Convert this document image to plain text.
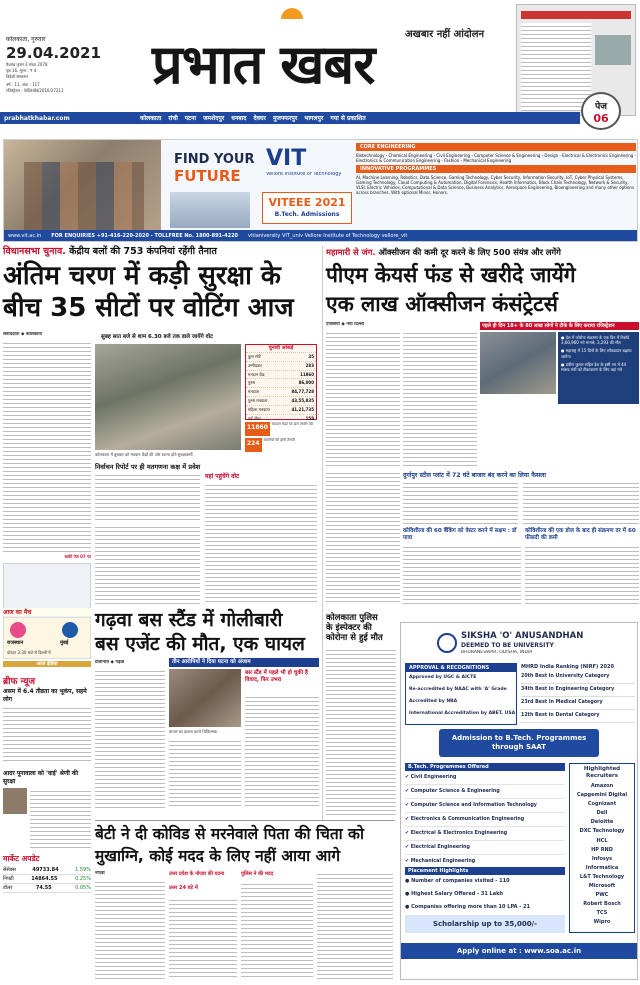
कोलकाता, गुरुवार
29.04.2021
वैशाख कृष्ण 3 संवत 2078
पृष्ठ 16, मूल्य : ₹ 4
विदेशी संस्करण
वर्ष : 11, अंक : 117
रजिस्ट्रेशन : WBHIN/2010/37211
अखबार नहीं आंदोलन
प्रभात खबर
पेज
06
prabhatkhabar.com	कोलकाता रांची पटना जमशेदपुर धनबाद देवघर मुजफ्फरपुर भागलपुर गया से प्रकाशित
FIND YOUR
FUTURE
VIT
Vellore Institute of Technology
VITEEE 2021
B.Tech. Admissions
CORE ENGINEERING
Biotechnology - Chemical Engineering - Civil Engineering - Computer Science & Engineering - Design - Electrical & Electronics Engineering - Electronics & Communication Engineering - Fashion - Mechanical Engineering
INNOVATIVE PROGRAMMES
AI, Machine Learning, Robotics, Data Science, Gaming Technology, Cyber Security, Information Security, IoT, Cyber Physical Systems, Gaming Technology, Cloud Computing & Automation, Digital Forensics, Health Informatics, Block Chain Technology, Network & Security, VLSI, Electric Vehicles, Computational & Data Science, Business Analytics, Aerospace Engineering, Bioengineering and many other options across branches. With optional Minor, Honors.
www.vit.ac.in FOR ENQUIRIES +91-416-220-2020 - TOLLFREE No. 1800-891-4220 vitianiversity VIT_univ Vellore Institute of Technology vellore_vit
विधानसभा चुनाव. केंद्रीय बलों की 753 कंपनियां रहेंगी तैनात
अंतिम चरण में कड़ी सुरक्षा के
बीच 35 सीटों पर वोटिंग आज
संवाददाता ◆ कोलकाता
बाकी पेज 07 पर
सुबह सात बजे से शाम 6.30 बजे तक डाले जायेंगे वोट
कोलकाता में बुधवार को मतदान केंद्रों की ओर रवाना होते सुरक्षाकर्मी.
चुनावी आंकड़े
कुल सीटें	35
उम्मीदवार	283
मतदान केंद्र	11860
पुरुष	86,000
मतदाता	84,77,728
पुरुष मतदाता	43,55,835
महिला मतदाता	41,21,735
थर्ड जेंडर	158
11860	मतदान केंद्रों पर डाले जायेंगे वोट
224	कंपनियाँ की होगी तैनाती
निर्वाचन रिपोर्ट पर ही मतगणना कक्ष में प्रवेश
यहां पहुंचेंगे वोट
महामारी से जंग. ऑक्सीजन की कमी दूर करने के लिए 500 संयंत्र और लगेंगे
पीएम केयर्स फंड से खरीदे जायेंगे
एक लाख ऑक्सीजन कंसंट्रेटर्स
एजेंसियां ◆ नयी दिल्ली	पहले ही दिन 18+ के 80 लाख लोगों ने टीके के लिए कराया रजिस्ट्रेशन
● देश में कोरोना संक्रमण के एक दिन में रिकॉर्ड 3,60,960 नये मामले, 3,293 की मौत
● महाराष्ट्र में 15 दिनों के लिए लॉकडाउन बढ़ाया जायेगा
● प्रवीण कुमार सहित देश के इसी भर में 44 सांसद मंत्री को टीकाकरण के लिए वहां गये
दुर्गापुर स्टील प्लांट में 72 घंटे बाजार बंद करने का लिया फैसला
कोविशील्ड की 60 बैंकिंग को वेस्टर करने में सक्षम : डॉ पात्रा
कोविशील्ड की एक डोज के बाद ही संक्रमण दर में 60 फीसदी की कमी
आज का मैच
राजस्थान	मुंबई
दोपहर 3:30 बजे से दिल्ली में
आज इंडिया
ब्रीफ न्यूज
असम में 6.4 तीव्रता का भूकंप, सहमे लोग
आदर पूनावाला को 'वाई' श्रेणी की सुरक्षा
मार्केट अपडेट
सेंसेक्स	49733.84	1.59%
निफ्टी	14864.55	0.25%
डॉलर	74.55	0.05%
गढ़वा बस स्टैंड में गोलीबारी
बस एजेंट की मौत, एक घायल
प्रतिनिधि ◆ गढ़वा	तीन आरोपियों ने दिया घटना को अंजाम
घायल का इलाज करते चिकित्सक.
बस स्टैंड में पहले भी हो चुकी है विवाद, फिर उभरा
कोलकाता पुलिस
के इंस्पेक्टर की
कोरोना से हुई मौत
बेटी ने दी कोविड से मरनेवाले पिता की चिता को
मुखाग्नि, कोई मदद के लिए नहीं आया आगे
नोएडा	उत्तर प्रदेश के नोएडा की घटना
उत्तर 24 घंटे में
पुलिस ने की मदद
SIKSHA 'O' ANUSANDHAN
DEEMED TO BE UNIVERSITY
BHUBANESWAR, ODISHA, INDIA
APPROVAL & RECOGNITIONS
Approved by UGC & AICTE
Re-accredited by NAAC with 'A' Grade
Accredited by NBA
International Accreditation by ABET, USA
MHRD India Ranking (NIRF) 2020
20th Best in University Category
34th Best in Engineering Category
23rd Best in Medical Category
12th Best in Dental Category
Admission to B.Tech. Programmes through SAAT
B.Tech. Programmes Offered
✔ Civil Engineering
✔ Computer Science & Engineering
✔ Computer Science and Information Technology
✔ Electronics & Communication Engineering
✔ Electrical & Electronics Engineering
✔ Electrical Engineering
✔ Mechanical Engineering
Highlighted Recruiters
Amazon
Capgemini Digital
Cognizant
Dell
Deloitte
DXC Technology
HCL
HP RND
Infosys
Informatica
L&T Technology
Microsoft
PWC
Robert Bosch
TCS
Wipro
Placement Highlights
● Number of companies visited - 110
● Highest Salary Offered - 31 Lakh
● Companies offering more than 10 LPA - 21
Scholarship up to 35,000/-
Apply online at : www.soa.ac.in
